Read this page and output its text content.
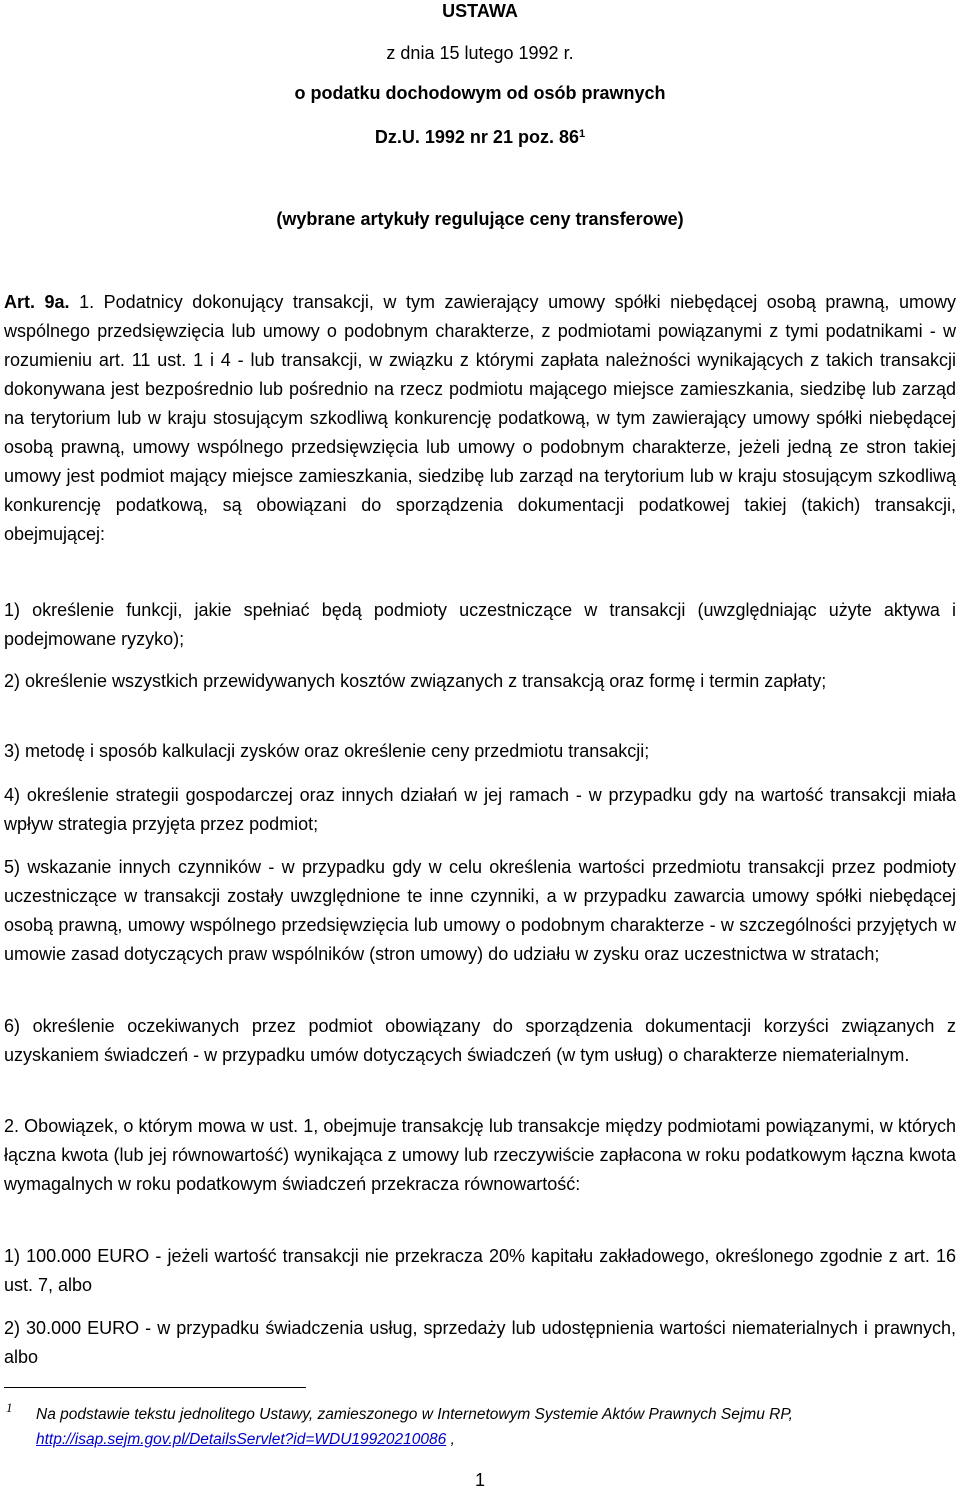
USTAWA
z dnia 15 lutego 1992 r.
o podatku dochodowym od osób prawnych
Dz.U. 1992 nr 21 poz. $86^1$
(wybrane artykuły regulujące ceny transferowe)

Art. 9a. 1. Podatnicy dokonujący transakcji, w tym zawierający umowy spółki niebędącej osobą prawną, umowy wspólnego przedsięwzięcia lub umowy o podobnym charakterze, z podmiotami powiązanymi z tymi podatnikami - w rozumieniu art. 11 ust. 1 i 4 - lub transakcji, w związku z którymi zapłata należności wynikających z takich transakcji dokonywana jest bezpośrednio lub pośrednio na rzecz podmiotu mającego miejsce zamieszkania, siedzibę lub zarząd na terytorium lub w kraju stosującym szkodliwą konkurencję podatkową, w tym zawierający umowy spółki niebędącej osobą prawną, umowy wspólnego przedsięwzięcia lub umowy o podobnym charakterze, jeżeli jedną ze stron takiej umowy jest podmiot mający miejsce zamieszkania, siedzibę lub zarząd na terytorium lub w kraju stosującym szkodliwą konkurencję podatkową, są obowiązani do sporządzenia dokumentacji podatkowej takiej (takich) transakcji, obejmującej:

1) określenie funkcji, jakie spełniać będą podmioty uczestniczące w transakcji (uwzględniając użyte aktywa i podejmowane ryzyko);

2) określenie wszystkich przewidywanych kosztów związanych z transakcją oraz formę i termin zapłaty;

3) metodę i sposób kalkulacji zysków oraz określenie ceny przedmiotu transakcji;

4) określenie strategii gospodarczej oraz innych działań w jej ramach - w przypadku gdy na wartość transakcji miała wpływ strategia przyjęta przez podmiot;

5) wskazanie innych czynników - w przypadku gdy w celu określenia wartości przedmiotu transakcji przez podmioty uczestniczące w transakcji zostały uwzględnione te inne czynniki, a w przypadku zawarcia umowy spółki niebędącej osobą prawną, umowy wspólnego przedsięwzięcia lub umowy o podobnym charakterze - w szczególności przyjętych w umowie zasad dotyczących praw wspólników (stron umowy) do udziału w zysku oraz uczestnictwa w stratach;

6) określenie oczekiwanych przez podmiot obowiązany do sporządzenia dokumentacji korzyści związanych z uzyskaniem świadczeń - w przypadku umów dotyczących świadczeń (w tym usług) o charakterze niematerialnym.

2. Obowiązek, o którym mowa w ust. 1, obejmuje transakcję lub transakcje między podmiotami powiązanymi, w których łączna kwota (lub jej równowartość) wynikająca z umowy lub rzeczywiście zapłacona w roku podatkowym łączna kwota wymagalnych w roku podatkowym świadczeń przekracza równowartość:

1) 100.000 EURO - jeżeli wartość transakcji nie przekracza 20% kapitału zakładowego, określonego zgodnie z art. 16 ust. 7, albo

2) 30.000 EURO - w przypadku świadczenia usług, sprzedaży lub udostępnienia wartości niematerialnych i prawnych, albo

1 Na podstawie tekstu jednolitego Ustawy, zamieszonego w Internetowym Systemie Aktów Prawnych Sejmu RP, http://isap.sejm.gov.pl/DetailsServlet?id=WDU19920210086 ,
1
